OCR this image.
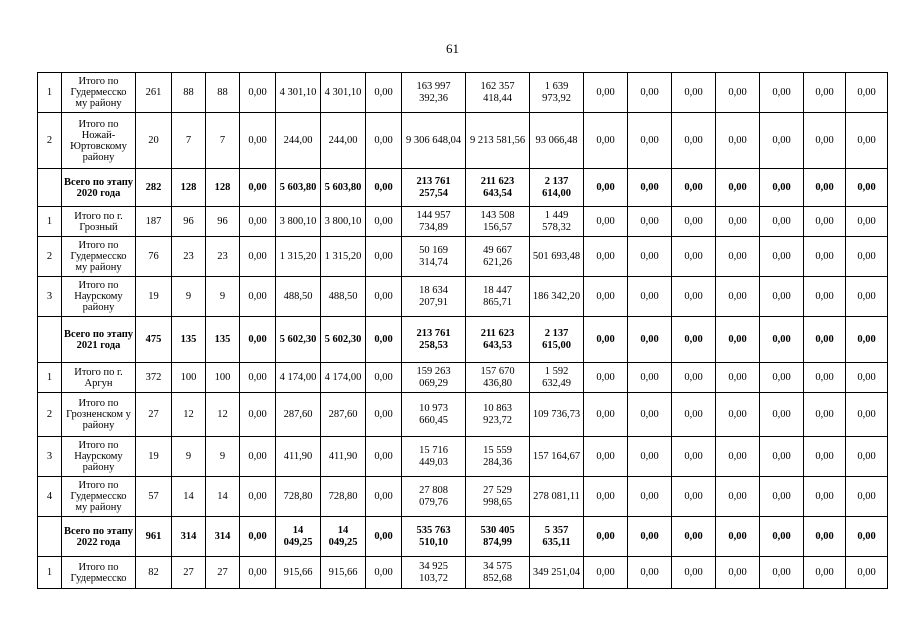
61
1	Итого по Гудермесско му району	261	88	88	0,00	4 301,10	4 301,10	0,00	163 997 392,36	162 357 418,44	1 639 973,92	0,00	0,00	0,00	0,00	0,00	0,00	0,00
2	Итого по Ножай-Юртовскому району	20	7	7	0,00	244,00	244,00	0,00	9 306 648,04	9 213 581,56	93 066,48	0,00	0,00	0,00	0,00	0,00	0,00	0,00
	Всего по этапу 2020 года	282	128	128	0,00	5 603,80	5 603,80	0,00	213 761 257,54	211 623 643,54	2 137 614,00	0,00	0,00	0,00	0,00	0,00	0,00	0,00
1	Итого по г. Грозный	187	96	96	0,00	3 800,10	3 800,10	0,00	144 957 734,89	143 508 156,57	1 449 578,32	0,00	0,00	0,00	0,00	0,00	0,00	0,00
2	Итого по Гудермесско му району	76	23	23	0,00	1 315,20	1 315,20	0,00	50 169 314,74	49 667 621,26	501 693,48	0,00	0,00	0,00	0,00	0,00	0,00	0,00
3	Итого по Наурскому району	19	9	9	0,00	488,50	488,50	0,00	18 634 207,91	18 447 865,71	186 342,20	0,00	0,00	0,00	0,00	0,00	0,00	0,00
	Всего по этапу 2021 года	475	135	135	0,00	5 602,30	5 602,30	0,00	213 761 258,53	211 623 643,53	2 137 615,00	0,00	0,00	0,00	0,00	0,00	0,00	0,00
1	Итого по г. Аргун	372	100	100	0,00	4 174,00	4 174,00	0,00	159 263 069,29	157 670 436,80	1 592 632,49	0,00	0,00	0,00	0,00	0,00	0,00	0,00
2	Итого по Грозненском у району	27	12	12	0,00	287,60	287,60	0,00	10 973 660,45	10 863 923,72	109 736,73	0,00	0,00	0,00	0,00	0,00	0,00	0,00
3	Итого по Наурскому району	19	9	9	0,00	411,90	411,90	0,00	15 716 449,03	15 559 284,36	157 164,67	0,00	0,00	0,00	0,00	0,00	0,00	0,00
4	Итого по Гудермесско му району	57	14	14	0,00	728,80	728,80	0,00	27 808 079,76	27 529 998,65	278 081,11	0,00	0,00	0,00	0,00	0,00	0,00	0,00
	Всего по этапу 2022 года	961	314	314	0,00	14 049,25	14 049,25	0,00	535 763 510,10	530 405 874,99	5 357 635,11	0,00	0,00	0,00	0,00	0,00	0,00	0,00
1	Итого по Гудермесско	82	27	27	0,00	915,66	915,66	0,00	34 925 103,72	34 575 852,68	349 251,04	0,00	0,00	0,00	0,00	0,00	0,00	0,00
